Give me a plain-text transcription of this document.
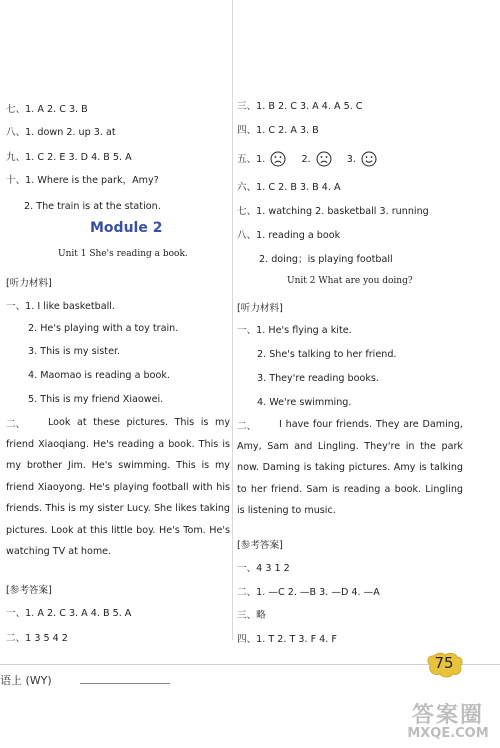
七、1. A 2. C 3. B
八、1. down 2. up 3. at
九、1. C 2. E 3. D 4. B 5. A
十、1. Where is the park，Amy?
2. The train is at the station.
Module 2
Unit 1 She's reading a book.
[听力材料]
一、1. I like basketball.
2. He's playing with a toy train.
3. This is my sister.
4. Maomao is reading a book.
5. This is my friend Xiaowei.
二、	Look at these pictures. This is my friend Xiaoqiang. He's reading a book. This is my brother Jim. He's swimming. This is my friend Xiaoyong. He's playing football with his friends. This is my sister Lucy. She likes taking pictures. Look at this little boy. He's Tom. He's watching TV at home.
[参考答案]
一、1. A 2. C 3. A 4. B 5. A
二、1 3 5 4 2
三、1. B 2. C 3. A 4. A 5. C
四、1. C 2. A 3. B
五、1.	2.	3.
六、1. C 2. B 3. B 4. A
七、1. watching 2. basketball 3. running
八、1. reading a book
2. doing；is playing football
Unit 2 What are you doing?
[听力材料]
一、1. He's flying a kite.
2. She's talking to her friend.
3. They're reading books.
4. We're swimming.
二、	I have four friends. They are Daming, Amy, Sam and Lingling. They're in the park now. Daming is taking pictures. Amy is talking to her friend. Sam is reading a book. Lingling is listening to music.
[参考答案]
一、4 3 1 2
二、1. —C 2. —B 3. —D 4. —A
三、略
四、1. T 2. T 3. F 4. F
语上 (WY)
75
答案圈
MXQE.COM
